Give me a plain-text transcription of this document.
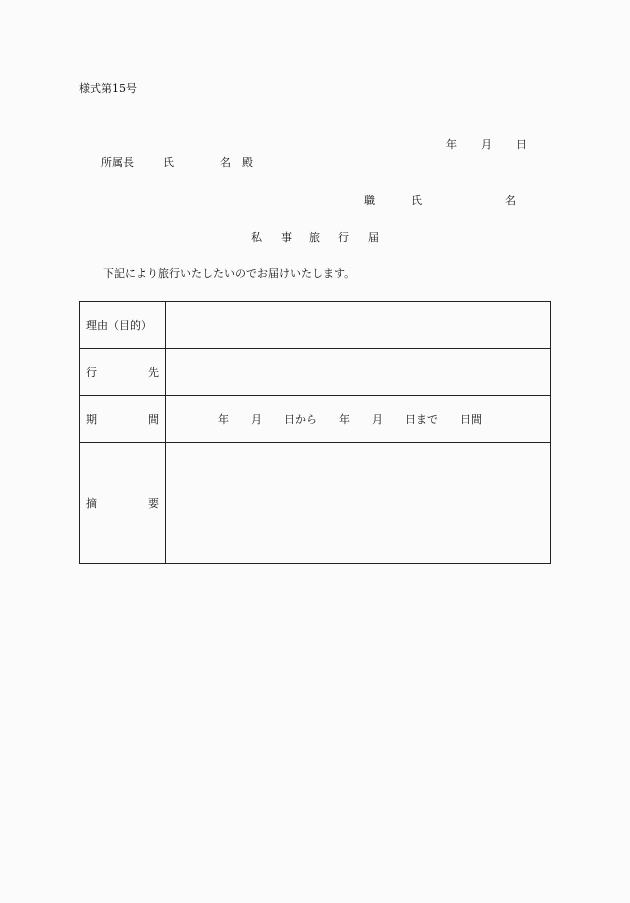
様式第15号
年 月 日
所属長	氏	名 殿
職	氏	名
私 事 旅 行 届
下記により旅行いたしたいのでお届けいたします。
理由（目的）	

行 先	

期 間	年　　月　　日から　　年　　月　　日まで　　日間

摘 要	
